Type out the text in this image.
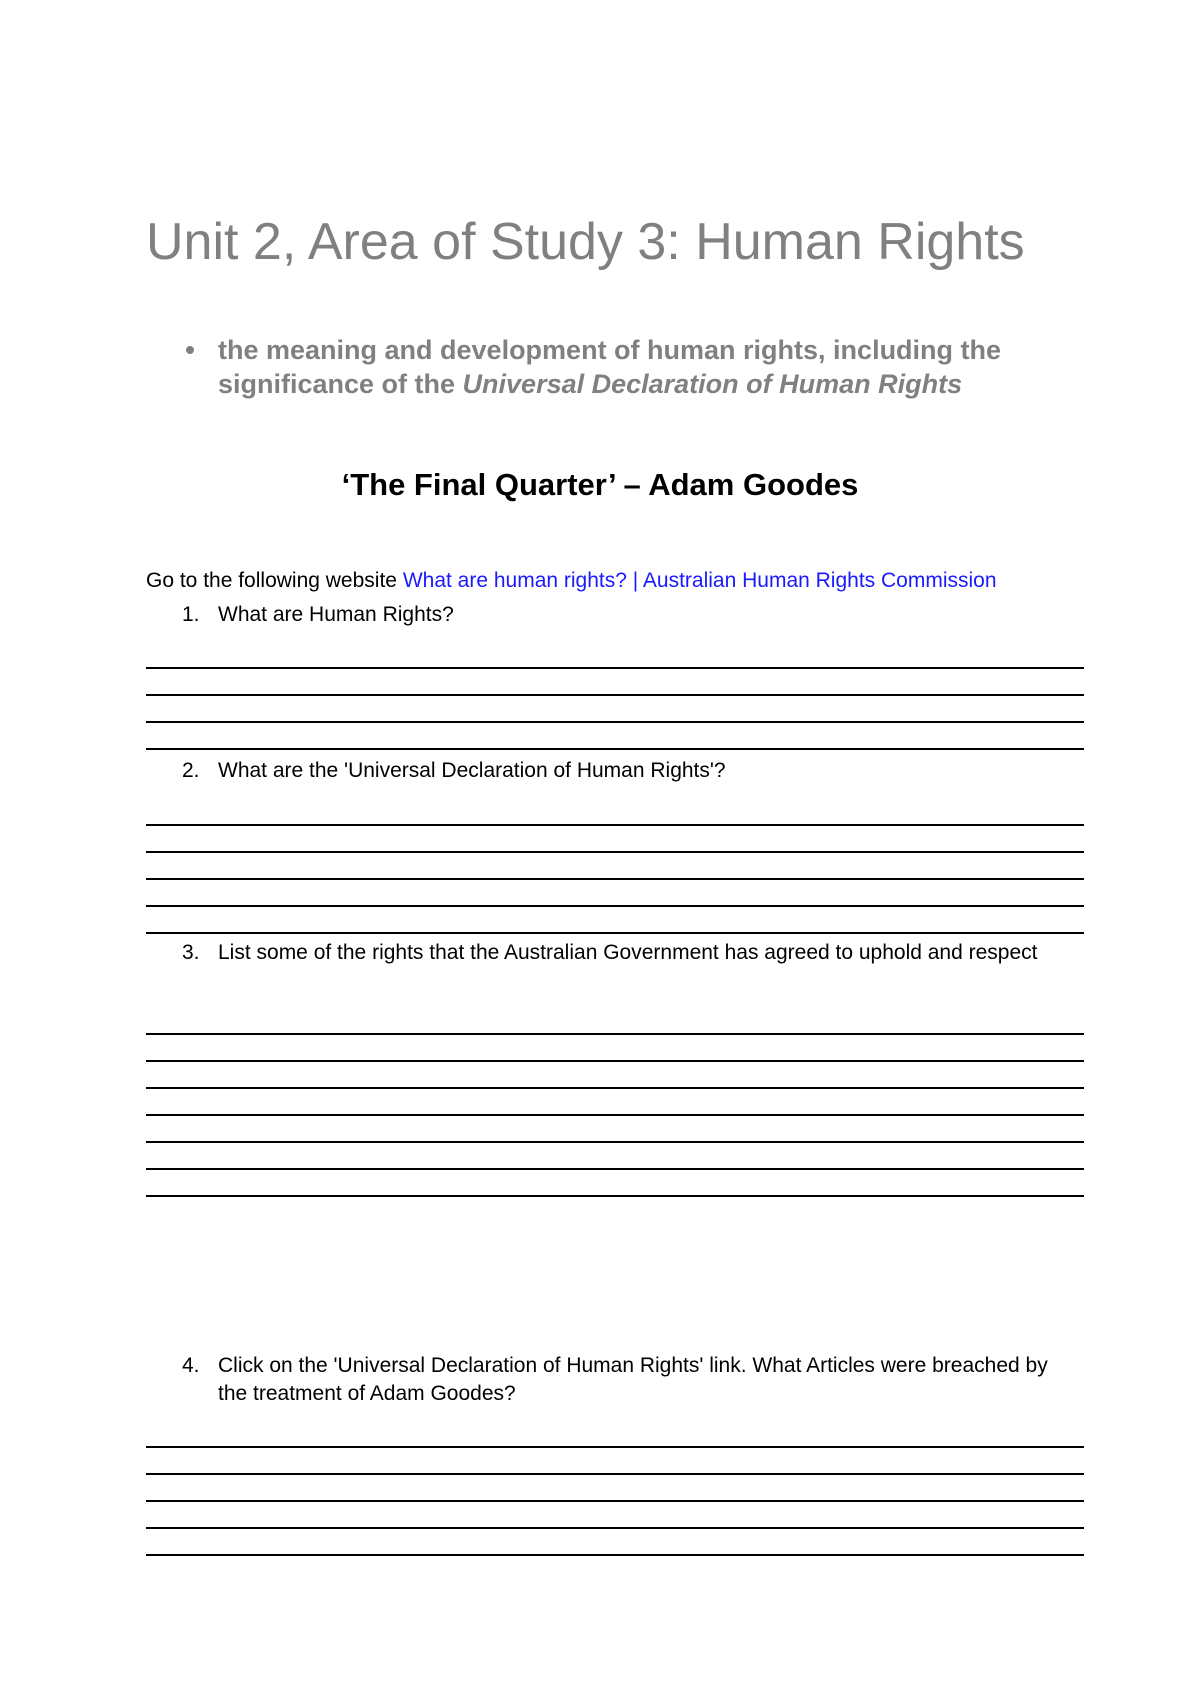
Unit 2, Area of Study 3: Human Rights

the meaning and development of human rights, including the significance of the Universal Declaration of Human Rights

‘The Final Quarter’ – Adam Goodes
Go to the following website What are human rights? | Australian Human Rights Commission
1. What are Human Rights?
2. What are the 'Universal Declaration of Human Rights'?
3. List some of the rights that the Australian Government has agreed to uphold and respect
4. Click on the 'Universal Declaration of Human Rights' link. What Articles were breached by the treatment of Adam Goodes?
